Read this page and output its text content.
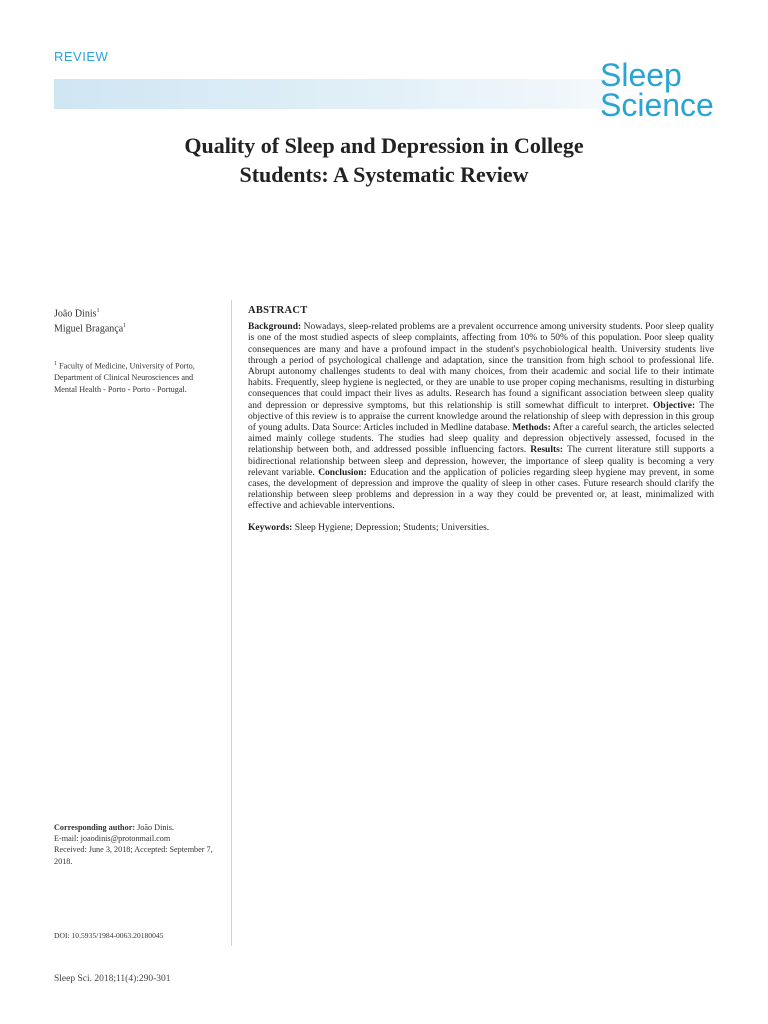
REVIEW
Sleep
Science
Quality of Sleep and Depression in College
Students: A Systematic Review
João Dinis$^1$
Miguel Bragança$^1$
$^1$ Faculty of Medicine, University of Porto, Department of Clinical Neurosciences and Mental Health - Porto - Porto - Portugal.
Corresponding author: João Dinis.
E-mail: joaodinis@protonmail.com
Received: June 3, 2018; Accepted: September 7, 2018.
DOI: 10.5935/1984-0063.20180045
ABSTRACT
Background: Nowadays, sleep-related problems are a prevalent occurrence among university students. Poor sleep quality is one of the most studied aspects of sleep complaints, affecting from 10% to 50% of this population. Poor sleep quality consequences are many and have a profound impact in the student's psychobiological health. University students live through a period of psychological challenge and adaptation, since the transition from high school to professional life. Abrupt autonomy challenges students to deal with many choices, from their academic and social life to their intimate habits. Frequently, sleep hygiene is neglected, or they are unable to use proper coping mechanisms, resulting in disturbing consequences that could impact their lives as adults. Research has found a significant association between sleep quality and depression or depressive symptoms, but this relationship is still somewhat difficult to interpret. Objective: The objective of this review is to appraise the current knowledge around the relationship of sleep with depression in this group of young adults. Data Source: Articles included in Medline database. Methods: After a careful search, the articles selected aimed mainly college students. The studies had sleep quality and depression objectively assessed, focused in the relationship between both, and addressed possible influencing factors. Results: The current literature still supports a bidirectional relationship between sleep and depression, however, the importance of sleep quality is becoming a very relevant variable. Conclusion: Education and the application of policies regarding sleep hygiene may prevent, in some cases, the development of depression and improve the quality of sleep in other cases. Future research should clarify the relationship between sleep problems and depression in a way they could be prevented or, at least, minimalized with effective and achievable interventions.
Keywords: Sleep Hygiene; Depression; Students; Universities.
Sleep Sci. 2018;11(4):290-301
